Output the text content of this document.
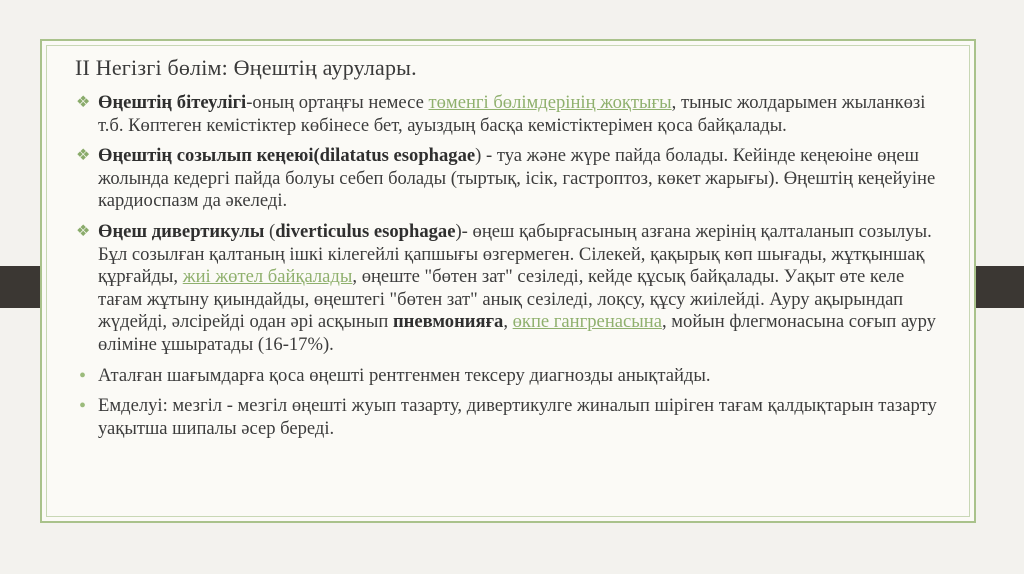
II Негізгі бөлім: Өңештің аурулары.
❖ Өңештің бітеулігі-оның ортаңғы немесе төменгі бөлімдерінің жоқтығы, тыныс жолдарымен жыланкөзі т.б. Көптеген кемістіктер көбінесе бет, ауыздың басқа кемістіктерімен қоса байқалады.
❖ Өңештің созылып кеңеюі(dilatatus esophagae) - туа және жүре пайда болады. Кейінде кеңеюіне өңеш жолында кедергі пайда болуы себеп болады (тыртық, ісік, гастроптоз, көкет жарығы). Өңештің кеңейуіне кардиоспазм да әкеледі.
❖ Өңеш дивертикулы (diverticulus esophagae)- өңеш қабырғасының азғана жерінің қалталанып созылуы. Бұл созылған қалтаның ішкі кілегейлі қапшығы өзгермеген. Сілекей, қақырық көп шығады, жұтқыншақ құрғайды, жиі жөтел байқалады, өңеште "бөтен зат" сезіледі, кейде құсық байқалады. Уақыт өте келе тағам жұтыну қиындайды, өңештегі "бөтен зат" анық сезіледі, лоқсу, құсу жиілейді. Ауру ақырындап жүдейді, әлсірейді одан әрі асқынып пневмонияға, өкпе гангренасына, мойын флегмонасына соғып ауру өліміне ұшыратады (16-17%).
• Аталған шағымдарға қоса өңешті рентгенмен тексеру диагнозды анықтайды.
• Емделуі: мезгіл - мезгіл өңешті жуып тазарту, дивертикулге жиналып шіріген тағам қалдықтарын тазарту уақытша шипалы әсер береді.
